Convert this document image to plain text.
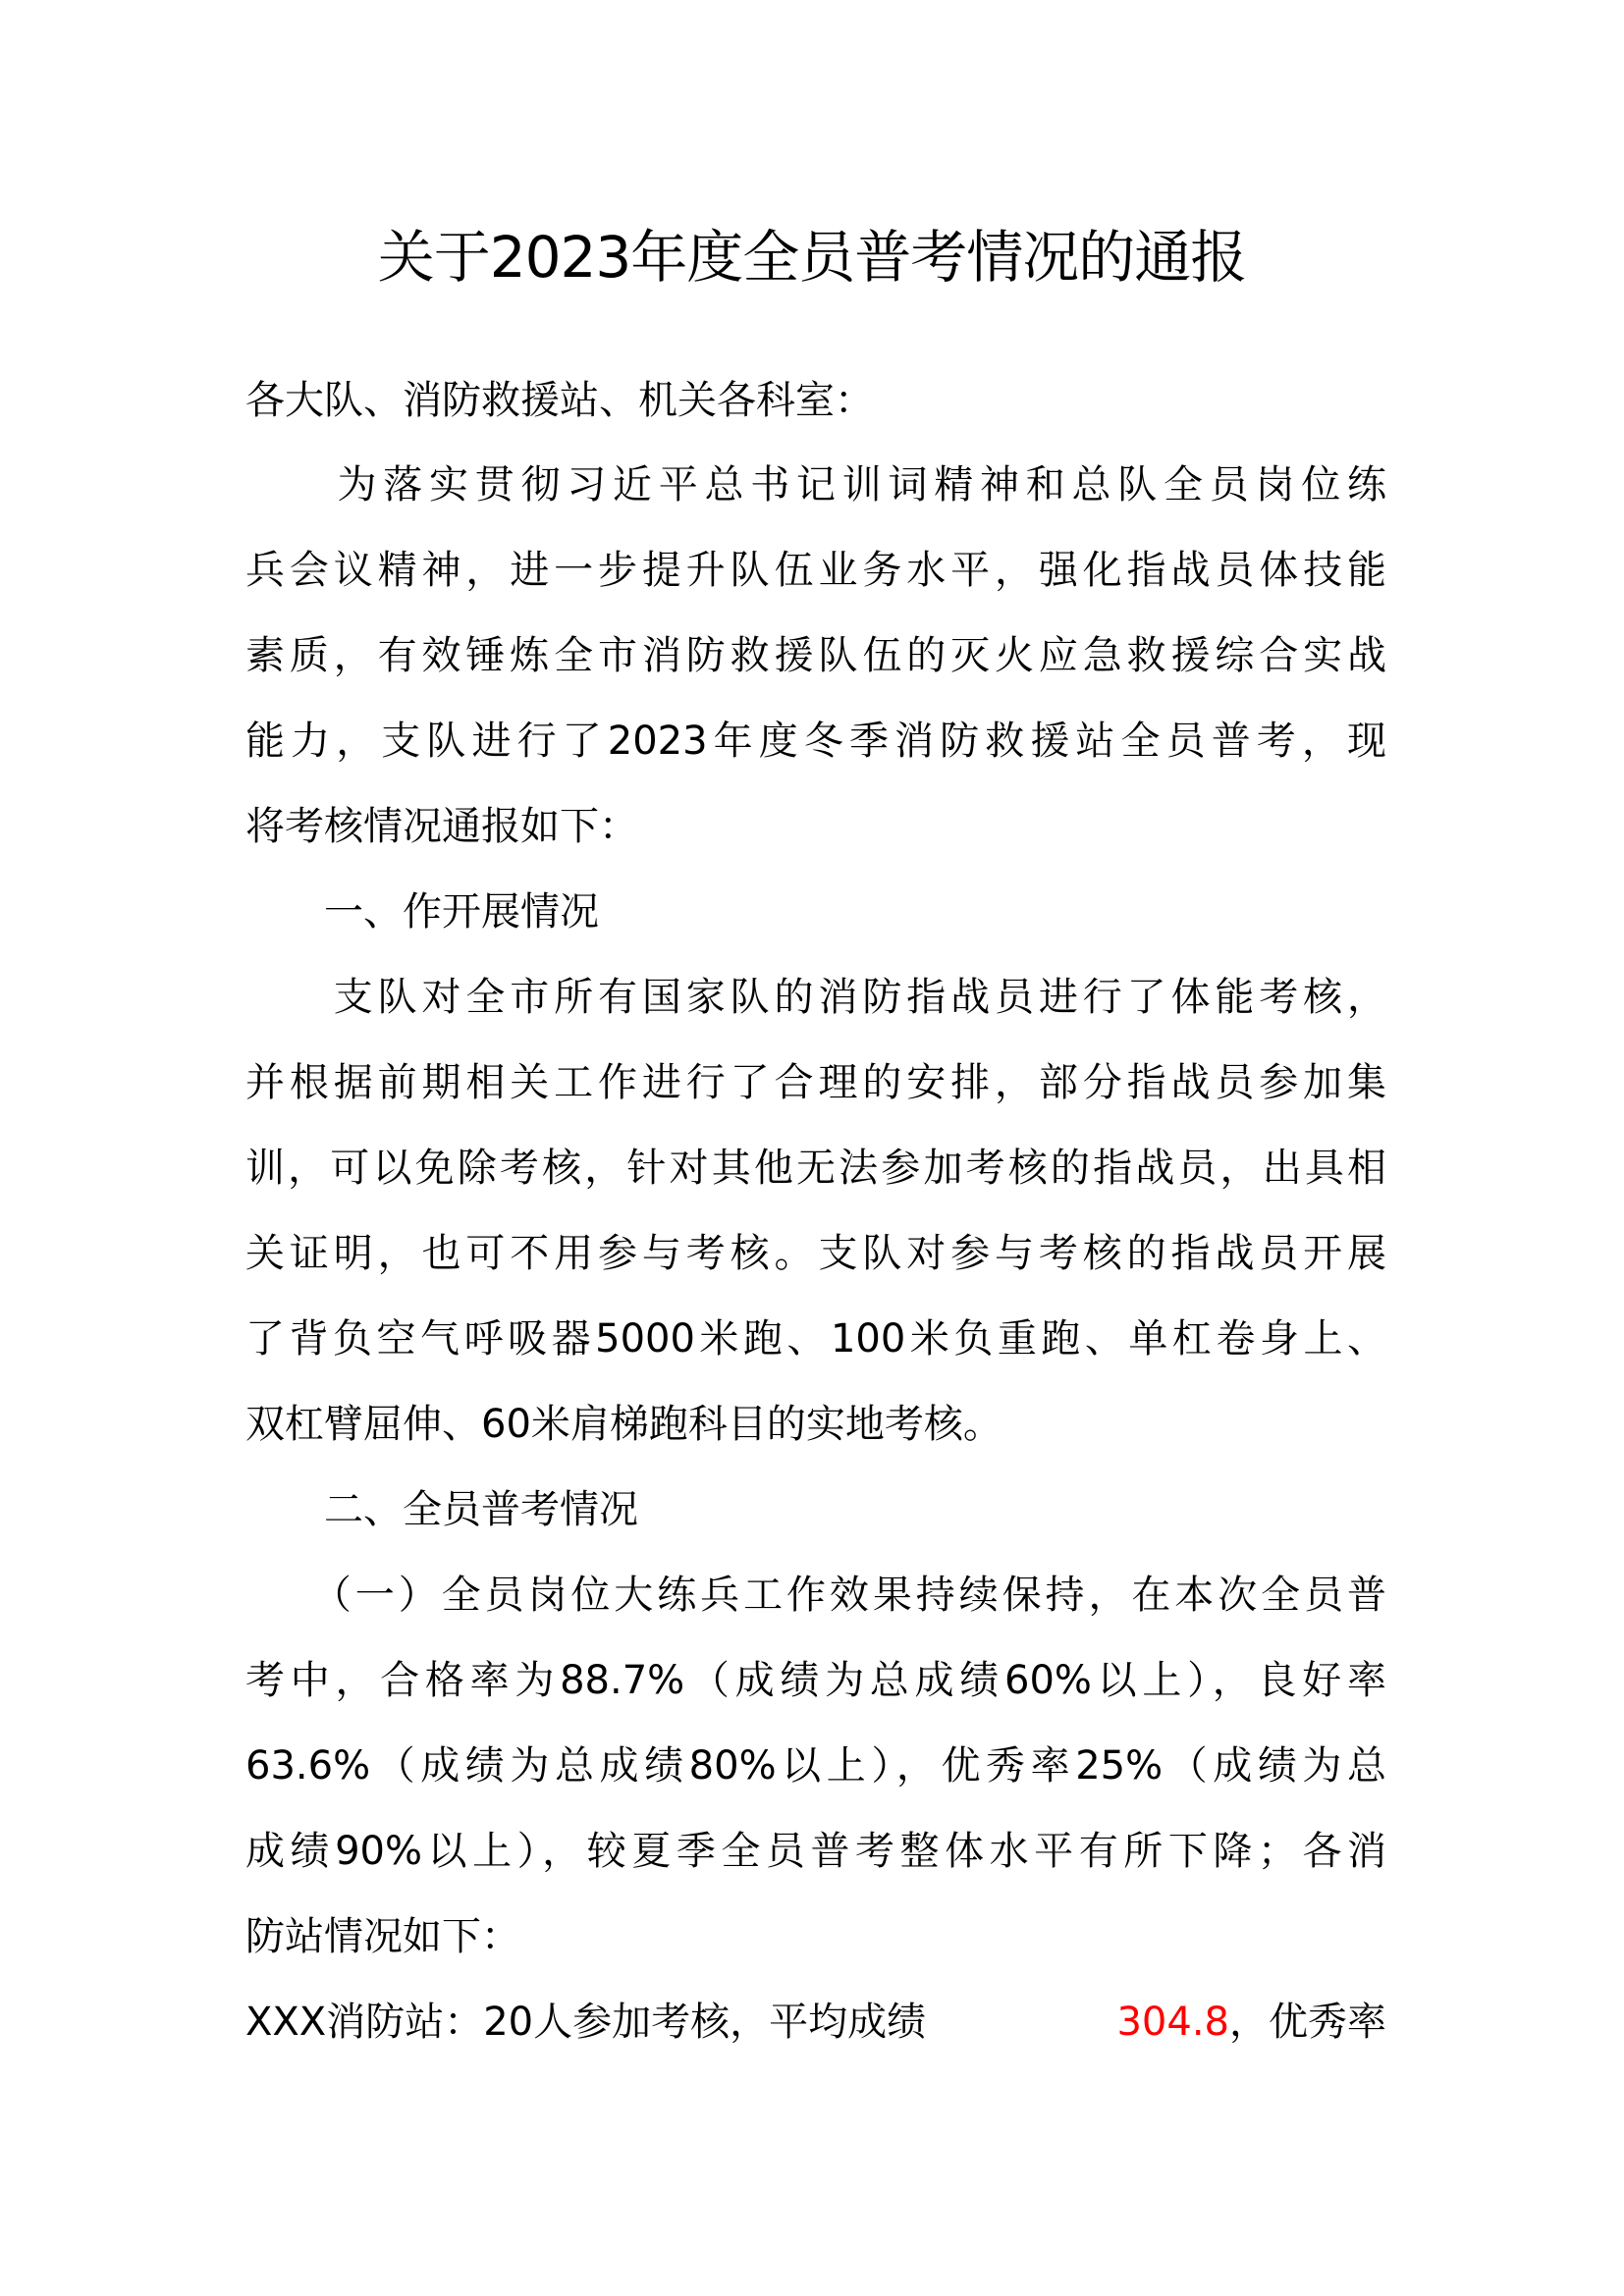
关于2023年度全员普考情况的通报
各大队、消防救援站、机关各科室：
　　为落实贯彻习近平总书记训词精神和总队全员岗位练
兵会议精神，进一步提升队伍业务水平，强化指战员体技能
素质，有效锤炼全市消防救援队伍的灭火应急救援综合实战
能力，支队进行了2023年度冬季消防救援站全员普考，现
将考核情况通报如下：
　　一、作开展情况
　　支队对全市所有国家队的消防指战员进行了体能考核，
并根据前期相关工作进行了合理的安排，部分指战员参加集
训，可以免除考核，针对其他无法参加考核的指战员，出具相
关证明，也可不用参与考核。支队对参与考核的指战员开展
了背负空气呼吸器5000米跑、100米负重跑、单杠卷身上、
双杠臂屈伸、60米肩梯跑科目的实地考核。
　　二、全员普考情况
　　（一）全员岗位大练兵工作效果持续保持，在本次全员普
考中，合格率为88.7%（成绩为总成绩60%以上），良好率
63.6%（成绩为总成绩80%以上），优秀率25%（成绩为总
成绩90%以上），较夏季全员普考整体水平有所下降；各消
防站情况如下：
XXX消防站：20人参加考核，平均成绩	304.8 ，优秀率
